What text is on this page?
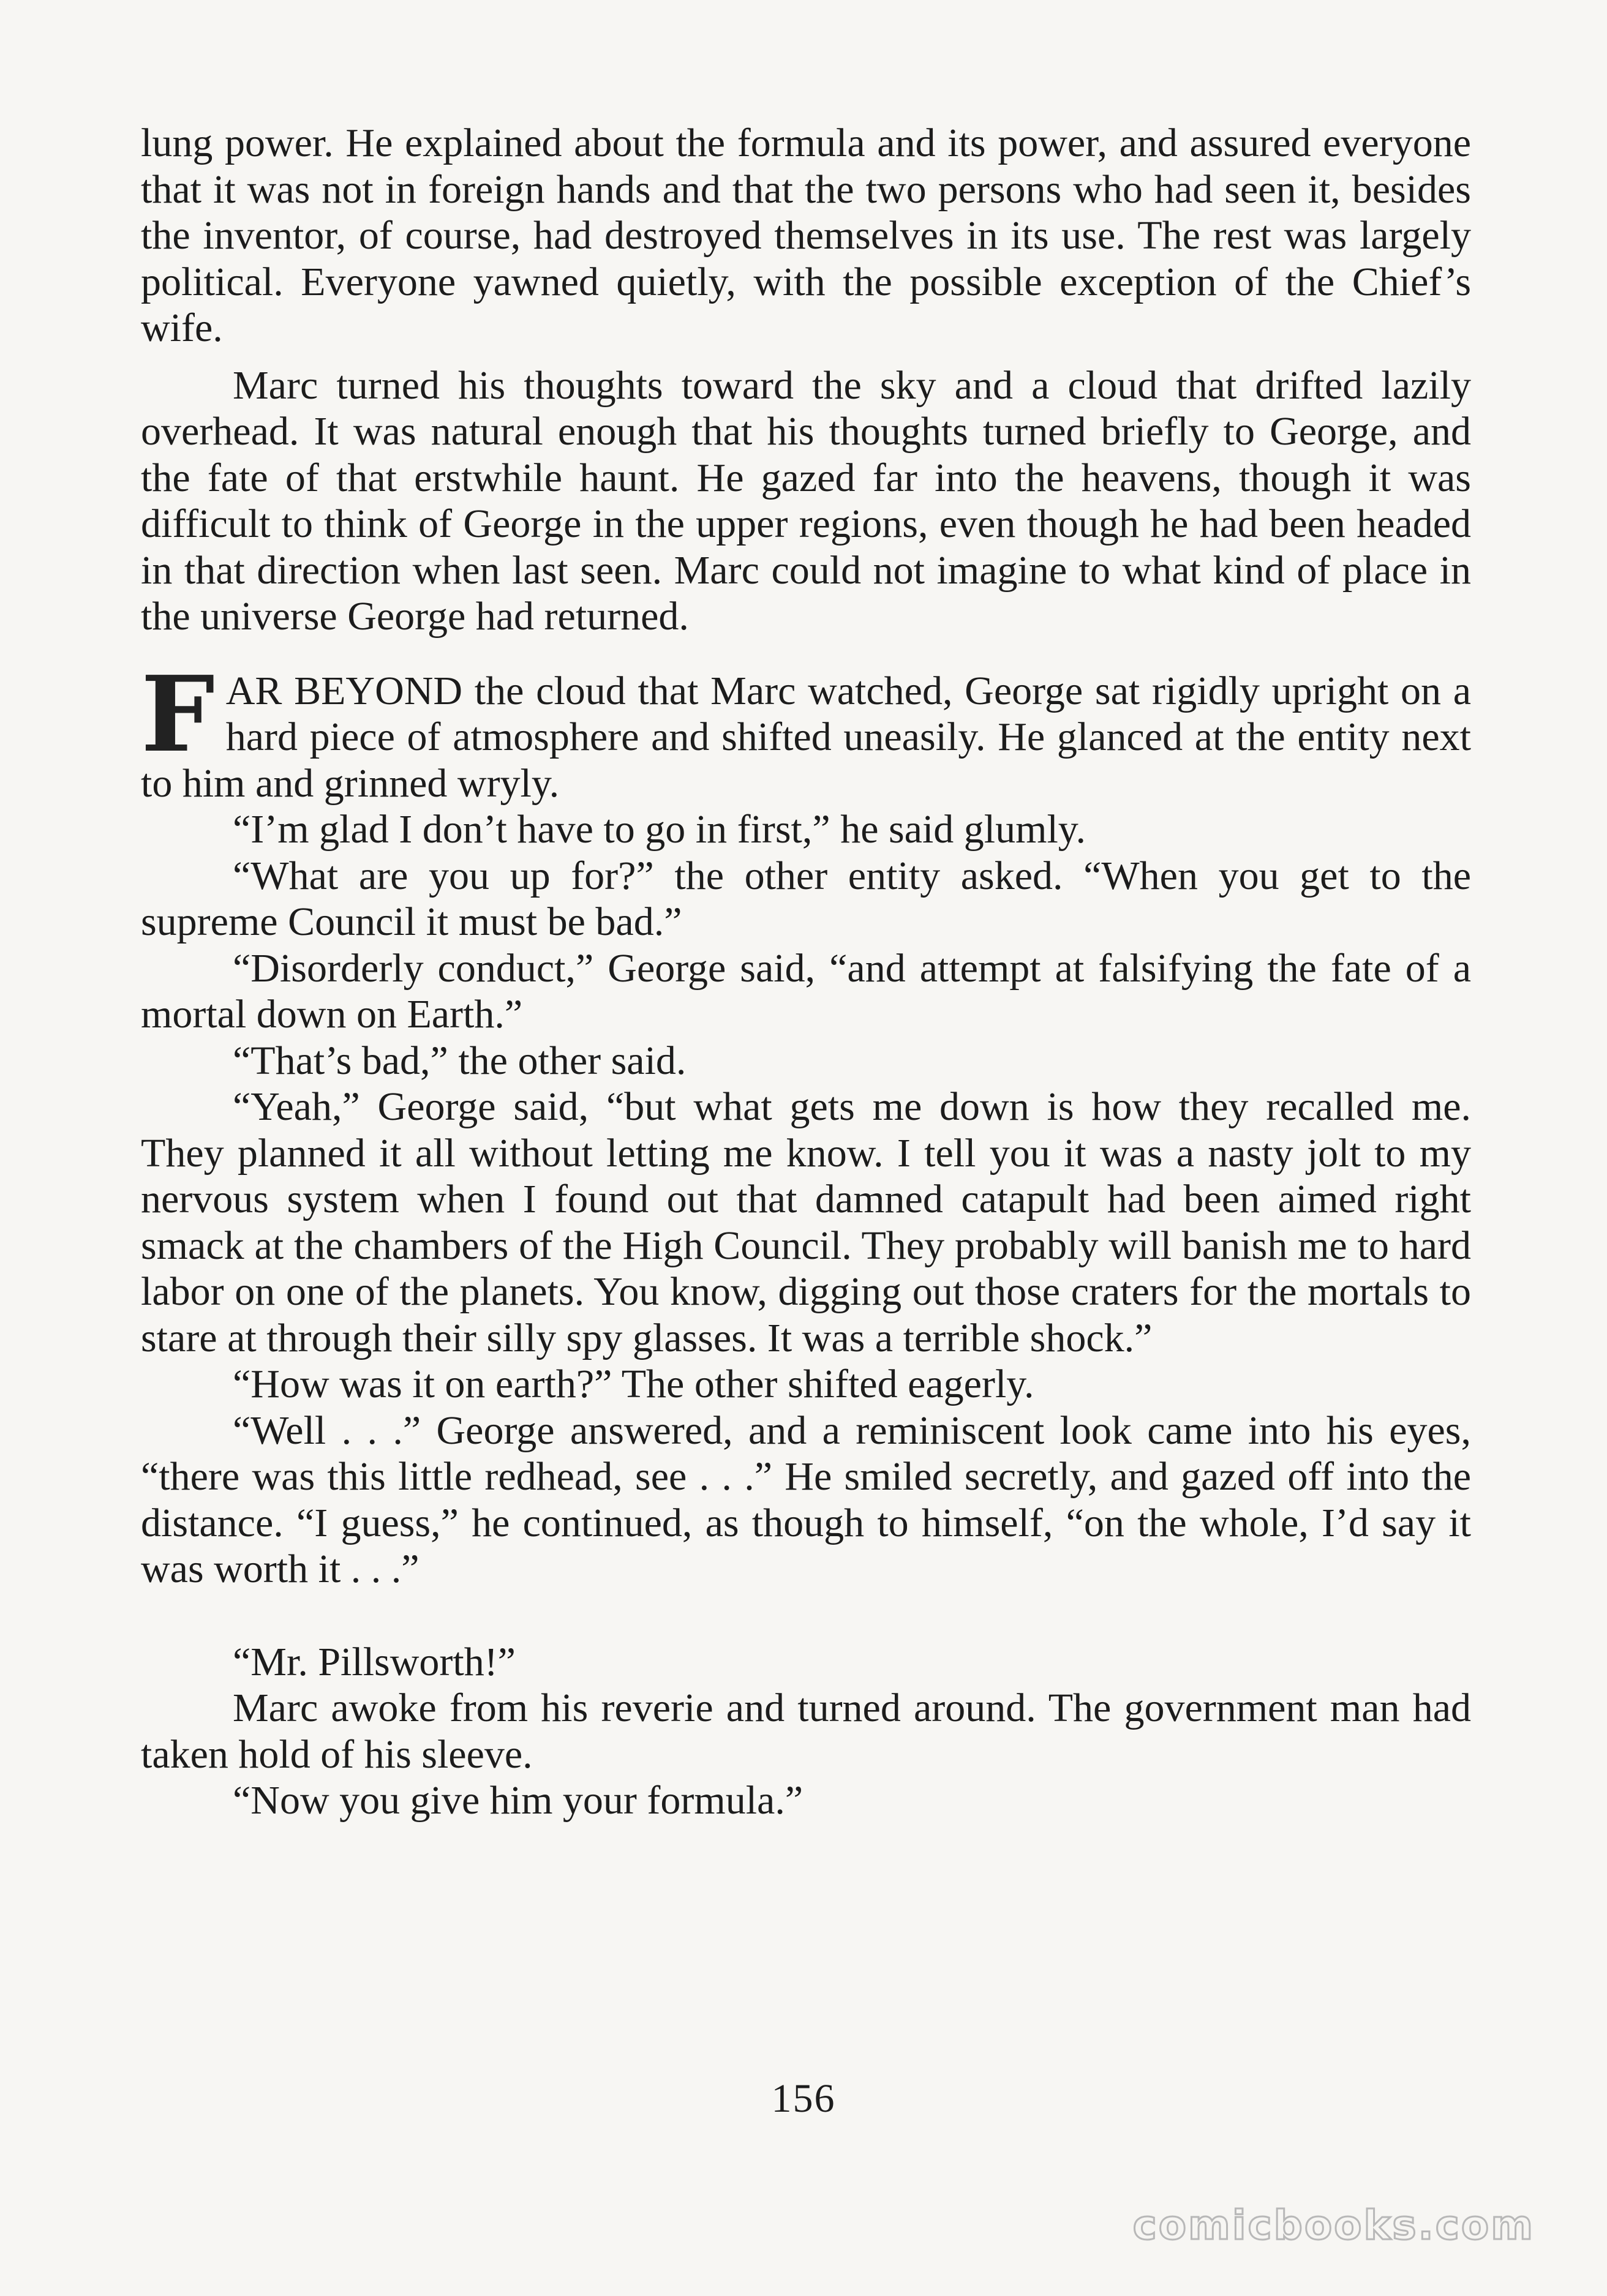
lung power. He explained about the formula and its power, and assured everyone that it was not in foreign hands and that the two persons who had seen it, besides the inventor, of course, had destroyed themselves in its use. The rest was largely political. Everyone yawned quietly, with the possible exception of the Chief’s wife.

Marc turned his thoughts toward the sky and a cloud that drifted lazily overhead. It was natural enough that his thoughts turned briefly to George, and the fate of that erstwhile haunt. He gazed far into the heavens, though it was difficult to think of George in the upper regions, even though he had been headed in that direction when last seen. Marc could not imagine to what kind of place in the universe George had returned.

FAR BEYOND the cloud that Marc watched, George sat rigidly upright on a hard piece of atmosphere and shifted uneasily. He glanced at the entity next to him and grinned wryly.

“I’m glad I don’t have to go in first,” he said glumly.

“What are you up for?” the other entity asked. “When you get to the supreme Council it must be bad.”

“Disorderly conduct,” George said, “and attempt at falsifying the fate of a mortal down on Earth.”

“That’s bad,” the other said.

“Yeah,” George said, “but what gets me down is how they recalled me. They planned it all without letting me know. I tell you it was a nasty jolt to my nervous system when I found out that damned catapult had been aimed right smack at the chambers of the High Council. They probably will banish me to hard labor on one of the planets. You know, digging out those craters for the mortals to stare at through their silly spy glasses. It was a terrible shock.”

“How was it on earth?” The other shifted eagerly.

“Well . . .” George answered, and a reminiscent look came into his eyes, “there was this little redhead, see . . .” He smiled secretly, and gazed off into the distance. “I guess,” he continued, as though to himself, “on the whole, I’d say it was worth it . . .”

“Mr. Pillsworth!”

Marc awoke from his reverie and turned around. The government man had taken hold of his sleeve.

“Now you give him your formula.”

156
comicbooks.com
